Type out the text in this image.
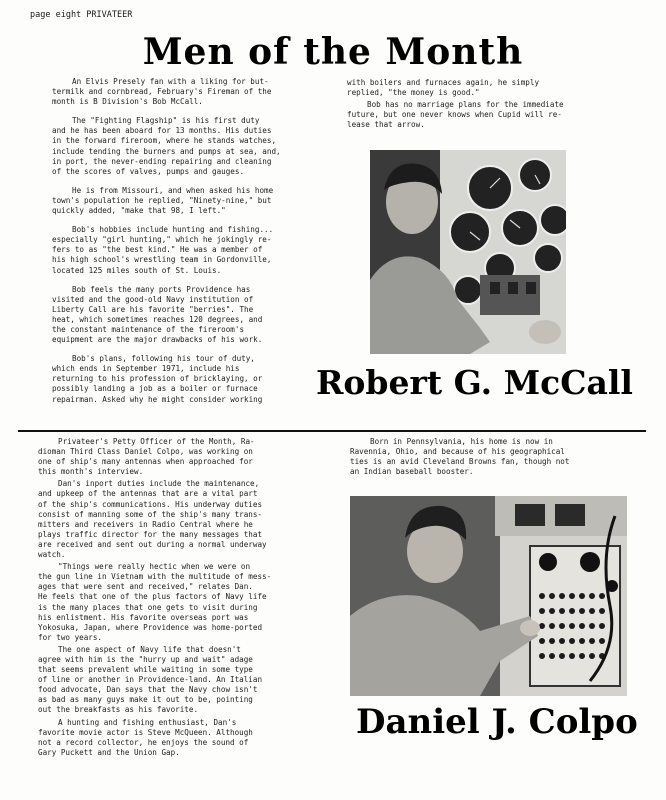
page eight PRIVATEER
Men of the Month

An Elvis Presely fan with a liking for but-
termilk and cornbread, February's Fireman of the
month is B Division's Bob McCall.

The "Fighting Flagship" is his first duty
and he has been aboard for 13 months. His duties
in the forward fireroom, where he stands watches,
include tending the burners and pumps at sea, and,
in port, the never-ending repairing and cleaning
of the scores of valves, pumps and gauges.

He is from Missouri, and when asked his home
town's population he replied, "Ninety-nine," but
quickly added, "make that 98, I left."

Bob's hobbies include hunting and fishing...
especially "girl hunting," which he jokingly re-
fers to as "the best kind." He was a member of
his high school's wrestling team in Gordonville,
located 125 miles south of St. Louis.

Bob feels the many ports Providence has
visited and the good-old Navy institution of
Liberty Call are his favorite "berries". The
heat, which sometimes reaches 120 degrees, and
the constant maintenance of the fireroom's
equipment are the major drawbacks of his work.

Bob's plans, following his tour of duty,
which ends in September 1971, include his
returning to his profession of bricklaying, or
possibly landing a job as a boiler or furnace
repairman. Asked why he might consider working

with boilers and furnaces again, he simply
replied, "the money is good."

Bob has no marriage plans for the immediate
future, but one never knows when Cupid will re-
lease that arrow.

Robert G. McCall

Privateer's Petty Officer of the Month, Ra-
dioman Third Class Daniel Colpo, was working on
one of ship's many antennas when approached for
this month's interview.

Dan's inport duties include the maintenance,
and upkeep of the antennas that are a vital part
of the ship's communications. His underway duties
consist of manning some of the ship's many trans-
mitters and receivers in Radio Central where he
plays traffic director for the many messages that
are received and sent out during a normal underway
watch.

"Things were really hectic when we were on
the gun line in Vietnam with the multitude of mess-
ages that were sent and received," relates Dan.
He feels that one of the plus factors of Navy life
is the many places that one gets to visit during
his enlistment. His favorite overseas port was
Yokosuka, Japan, where Providence was home-ported
for two years.

The one aspect of Navy life that doesn't
agree with him is the "hurry up and wait" adage
that seems prevalent while waiting in some type
of line or another in Providence-land. An Italian
food advocate, Dan says that the Navy chow isn't
as bad as many guys make it out to be, pointing
out the breakfasts as his favorite.

A hunting and fishing enthusiast, Dan's
favorite movie actor is Steve McQueen. Although
not a record collector, he enjoys the sound of
Gary Puckett and the Union Gap.

Born in Pennsylvania, his home is now in
Ravennia, Ohio, and because of his geographical
ties is an avid Cleveland Browns fan, though not
an Indian baseball booster.

Daniel J. Colpo
